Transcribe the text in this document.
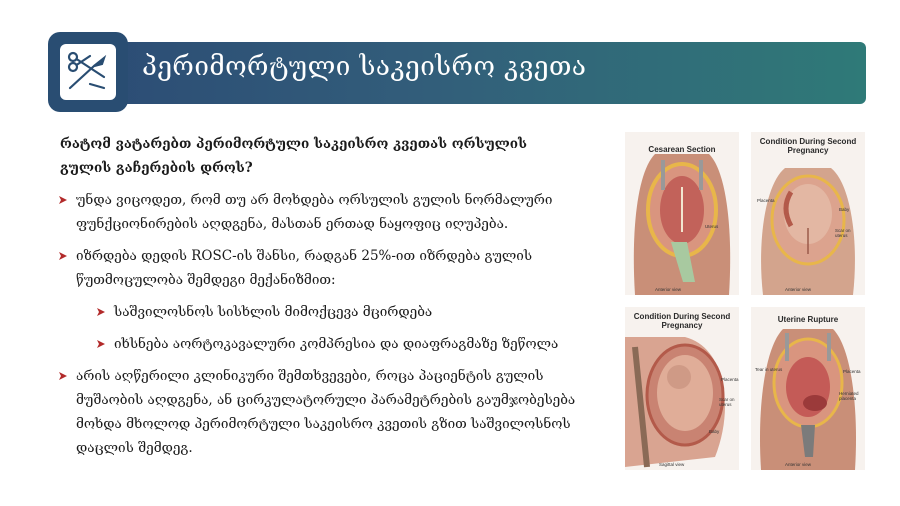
პერიმორტული საკეისრო კვეთა
რატომ ვატარებთ პერიმორტული საკეისრო კვეთას ორსულის გულის გაჩერების დროს?
უნდა ვიცოდეთ, რომ თუ არ მოხდება ორსულის გულის ნორმალური ფუნქციონირების აღდგენა, მასთან ერთად ნაყოფიც იღუპება.
იზრდება დედის ROSC-ის შანსი, რადგან 25%-ით იზრდება გულის წუთმოცულობა შემდეგი მექანიზმით:
საშვილოსნოს სისხლის მიმოქცევა მცირდება
იხსნება აორტოკავალური კომპრესია და დიაფრაგმაზე ზეწოლა
არის აღწერილი კლინიკური შემთხვევები, როცა პაციენტის გულის მუშაობის აღდგენა, ან ცირკულატორული პარამეტრების გაუმჯობესება მოხდა მხოლოდ პერიმორტული საკეისრო კვეთის გზით საშვილოსნოს დაცლის შემდეგ.
Cesarean Section
Uterus
Anterior view
Condition During Second Pregnancy
Placenta
Baby
Scar on uterus
Anterior view
Condition During Second Pregnancy
Placenta
Scar on uterus
Baby
Sagittal view
Uterine Rupture
Tear in uterus	Placenta
Herniated placenta
Anterior view
